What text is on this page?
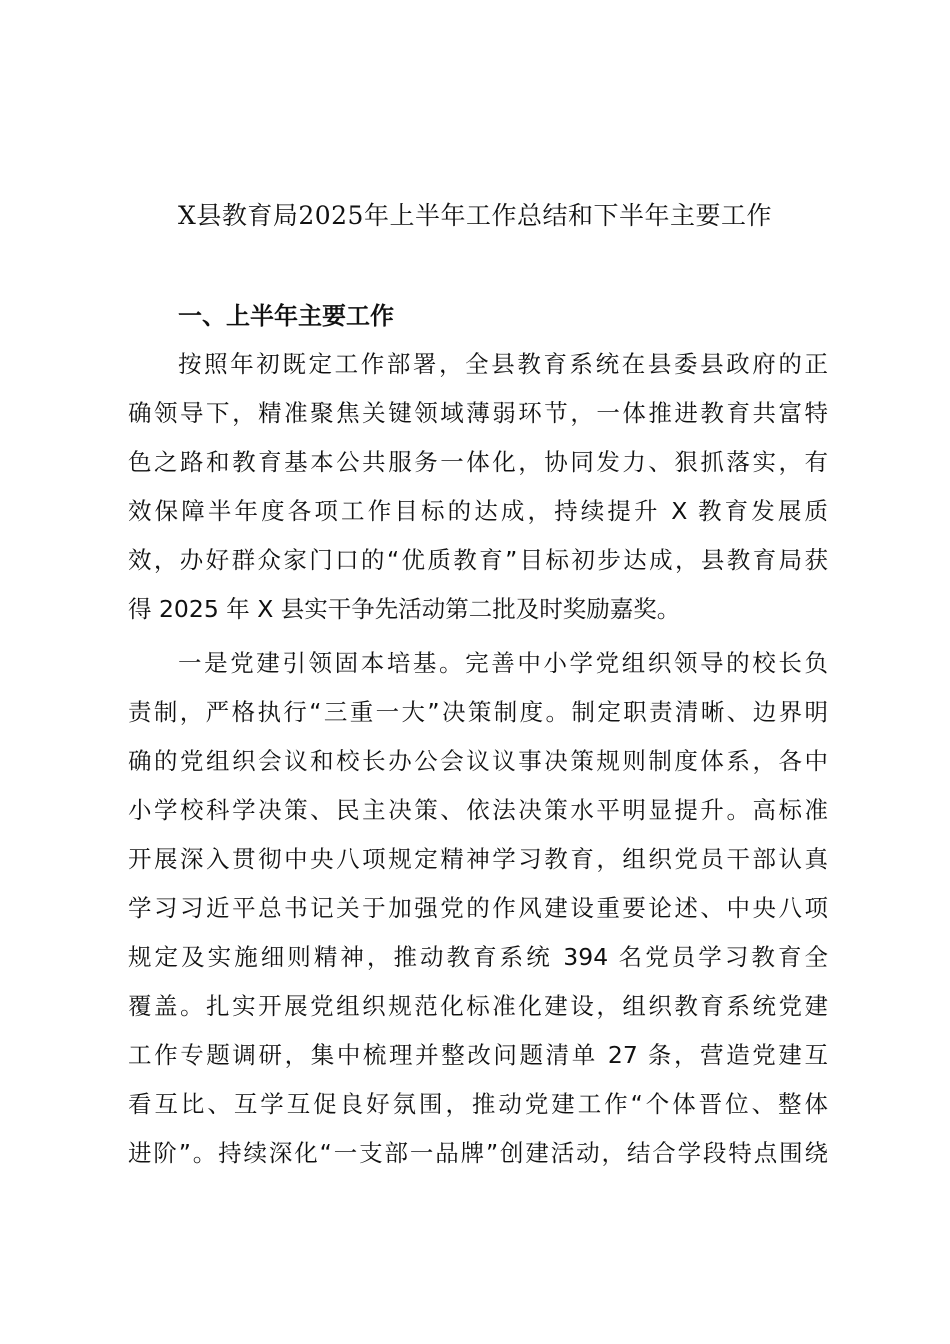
X县教育局2025年上半年工作总结和下半年主要工作
一、上半年主要工作
按照年初既定工作部署，全县教育系统在县委县政府的正
确领导下，精准聚焦关键领域薄弱环节，一体推进教育共富特
色之路和教育基本公共服务一体化，协同发力、狠抓落实，有
效保障半年度各项工作目标的达成，持续提升 X 教育发展质
效，办好群众家门口的“优质教育”目标初步达成，县教育局获
得 2025 年 X 县实干争先活动第二批及时奖励嘉奖。
一是党建引领固本培基。完善中小学党组织领导的校长负
责制，严格执行“三重一大”决策制度。制定职责清晰、边界明
确的党组织会议和校长办公会议议事决策规则制度体系，各中
小学校科学决策、民主决策、依法决策水平明显提升。高标准
开展深入贯彻中央八项规定精神学习教育，组织党员干部认真
学习习近平总书记关于加强党的作风建设重要论述、中央八项
规定及实施细则精神，推动教育系统 394 名党员学习教育全
覆盖。扎实开展党组织规范化标准化建设，组织教育系统党建
工作专题调研，集中梳理并整改问题清单 27 条，营造党建互
看互比、互学互促良好氛围，推动党建工作“个体晋位、整体
进阶”。持续深化“一支部一品牌”创建活动，结合学段特点围绕
